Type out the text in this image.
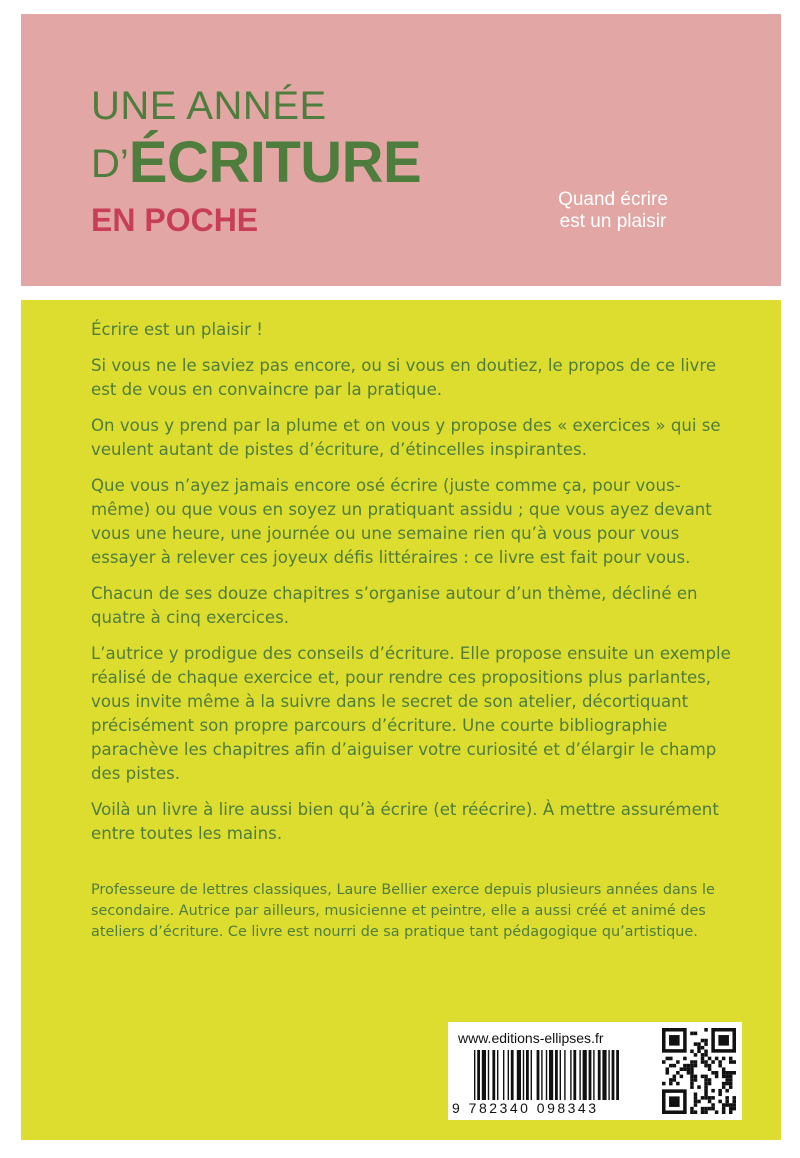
UNE ANNÉE
D’ÉCRITURE
EN POCHE
Quand écrire
est un plaisir

Écrire est un plaisir !

Si vous ne le saviez pas encore, ou si vous en doutiez, le propos de ce livre est de vous en convaincre par la pratique.

On vous y prend par la plume et on vous y propose des « exercices » qui se veulent autant de pistes d’écriture, d’étincelles inspirantes.

Que vous n’ayez jamais encore osé écrire (juste comme ça, pour vous-même) ou que vous en soyez un pratiquant assidu ; que vous ayez devant vous une heure, une journée ou une semaine rien qu’à vous pour vous essayer à relever ces joyeux défis littéraires : ce livre est fait pour vous.

Chacun de ses douze chapitres s’organise autour d’un thème, décliné en quatre à cinq exercices.

L’autrice y prodigue des conseils d’écriture. Elle propose ensuite un exemple réalisé de chaque exercice et, pour rendre ces propositions plus parlantes, vous invite même à la suivre dans le secret de son atelier, décortiquant précisément son propre parcours d’écriture. Une courte bibliographie parachève les chapitres afin d’aiguiser votre curiosité et d’élargir le champ des pistes.

Voilà un livre à lire aussi bien qu’à écrire (et réécrire). À mettre assurément entre toutes les mains.

Professeure de lettres classiques, Laure Bellier exerce depuis plusieurs années dans le secondaire. Autrice par ailleurs, musicienne et peintre, elle a aussi créé et animé des ateliers d’écriture. Ce livre est nourri de sa pratique tant pédagogique qu’artistique.
www.editions-ellipses.fr
9 782340 098343
